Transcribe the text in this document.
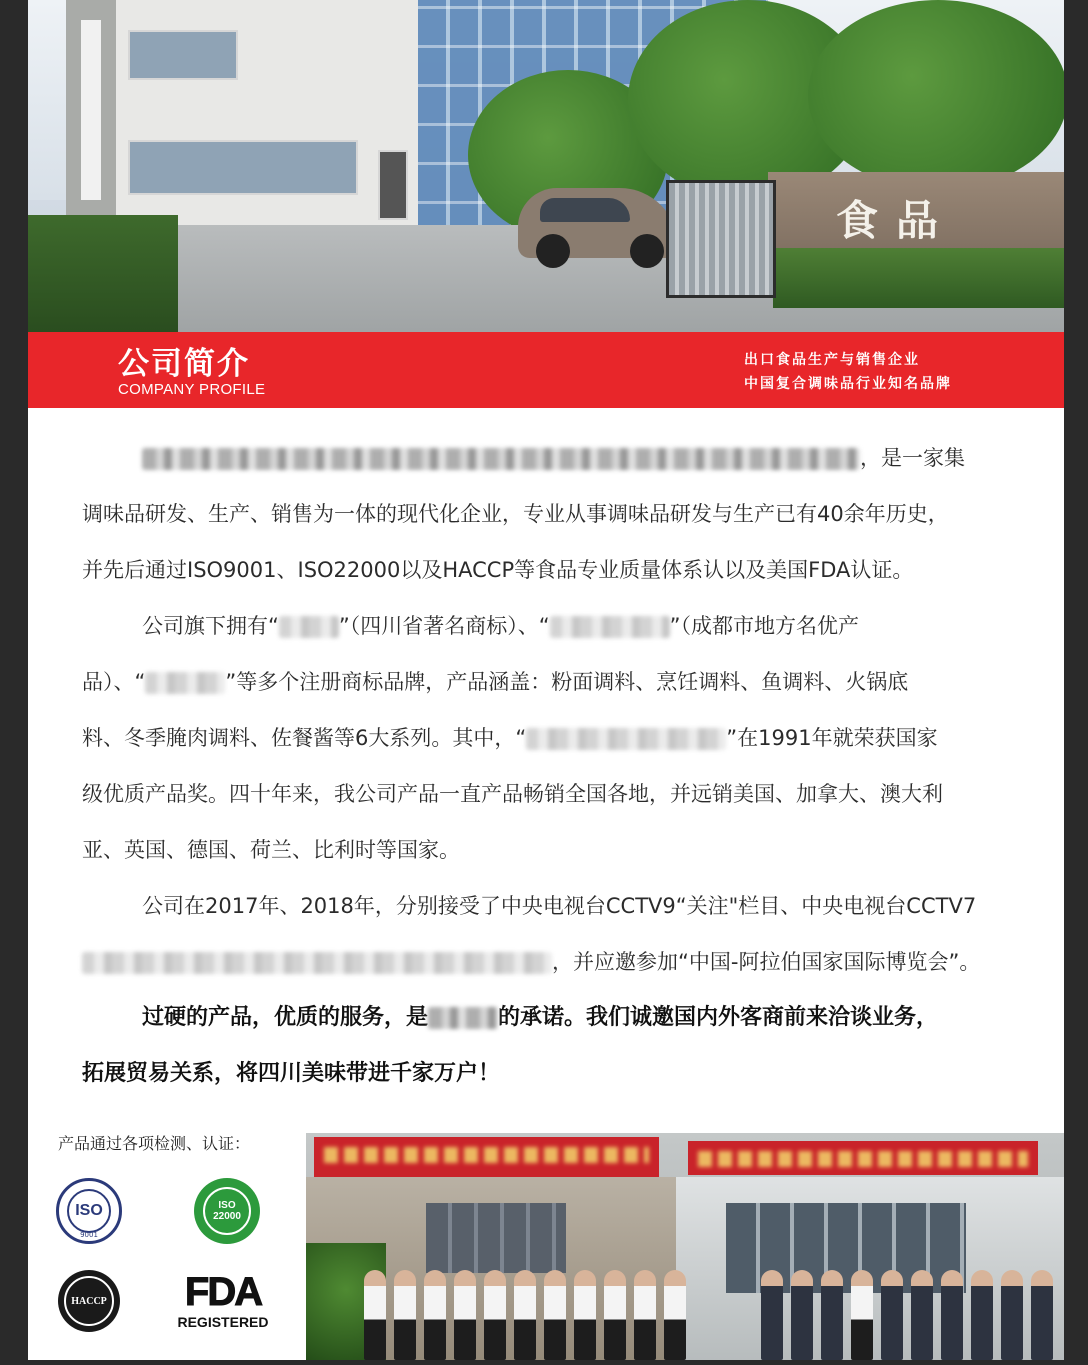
食品
公司简介
COMPANY PROFILE
出口食品生产与销售企业
中国复合调味品行业知名品牌

，是一家集
调味品研发、生产、销售为一体的现代化企业，专业从事调味品研发与生产已有40余年历史，
并先后通过ISO9001、ISO22000以及HACCP等食品专业质量体系认以及美国FDA认证。

公司旗下拥有“	”（四川省著名商标）、“	”（成都市地方名优产
品）、“	”等多个注册商标品牌，产品涵盖：粉面调料、烹饪调料、鱼调料、火锅底
料、冬季腌肉调料、佐餐酱等6大系列。其中，“	”在1991年就荣获国家
级优质产品奖。四十年来，我公司产品一直产品畅销全国各地，并远销美国、加拿大、澳大利
亚、英国、德国、荷兰、比利时等国家。

公司在2017年、2018年，分别接受了中央电视台CCTV9“关注"栏目、中央电视台CCTV7
，并应邀参加“中国-阿拉伯国家国际博览会”。

过硬的产品，优质的服务，是	的承诺。我们诚邀国内外客商前来洽谈业务，
拓展贸易关系，将四川美味带进千家万户！

产品通过各项检测、认证：
ISO
9001
ISO 22000
HACCP FDA
REGISTERED
